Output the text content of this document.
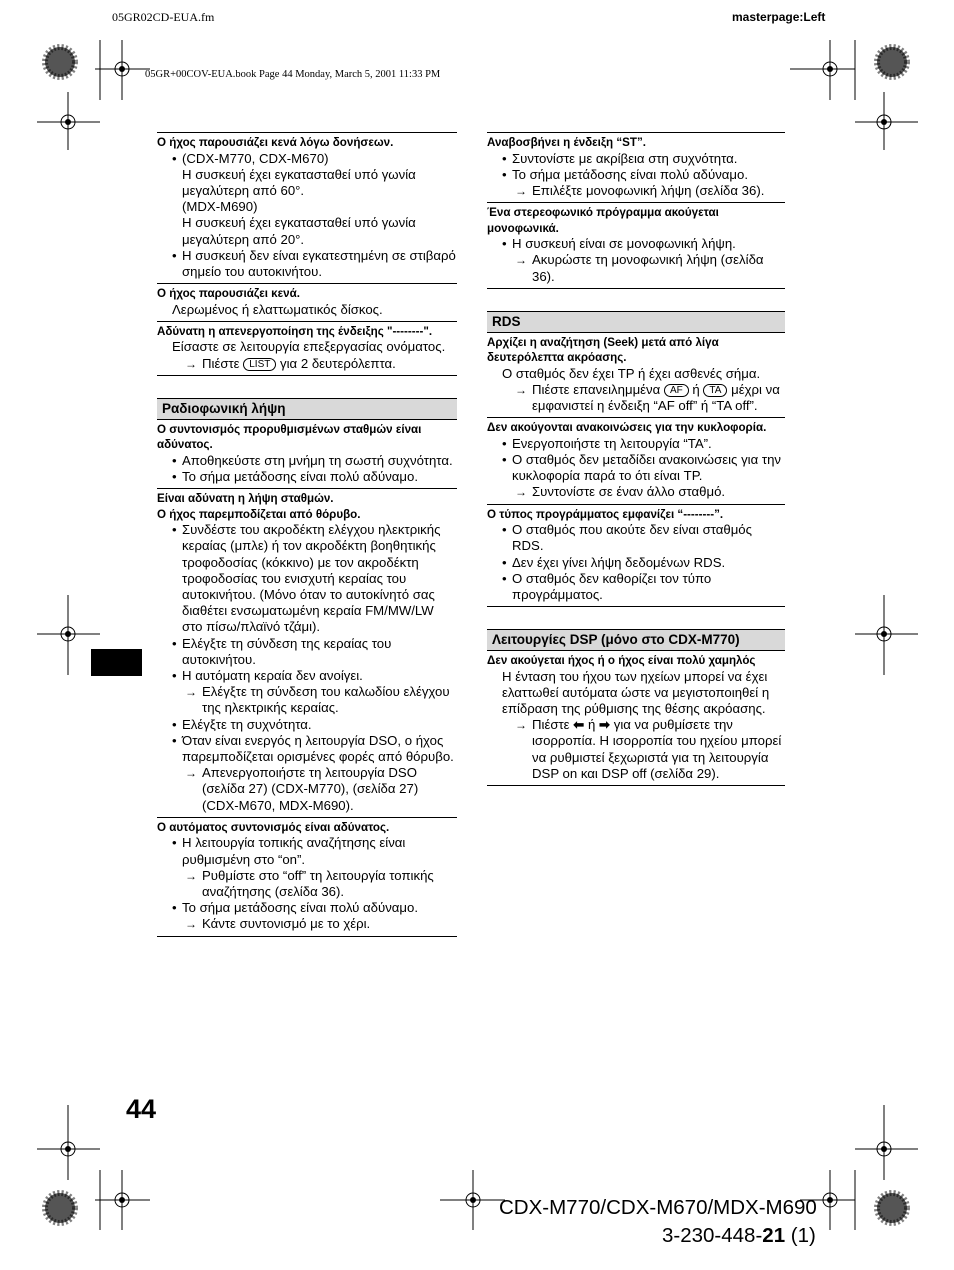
05GR02CD-EUA.fm	masterpage:Left
05GR+00COV-EUA.book Page 44 Monday, March 5, 2001 11:33 PM
Ο ήχος παρουσιάζει κενά λόγω δονήσεων.
• (CDX-M770, CDX-M670)
Η συσκευή έχει εγκατασταθεί υπό γωνία μεγαλύτερη από 60°.
(MDX-M690)
Η συσκευή έχει εγκατασταθεί υπό γωνία μεγαλύτερη από 20°.
• Η συσκευή δεν είναι εγκατεστημένη σε στιβαρό σημείο του αυτοκινήτου.
Ο ήχος παρουσιάζει κενά.
Λερωμένος ή ελαττωματικός δίσκος.
Αδύνατη η απενεργοποίηση της ένδειξης "--------".
Είσαστε σε λειτουργία επεξεργασίας ονόματος.
→ Πιέστε LIST για 2 δευτερόλεπτα.
Ραδιοφωνική λήψη
Ο συντονισμός προρυθμισμένων σταθμών είναι αδύνατος.
• Αποθηκεύστε στη μνήμη τη σωστή συχνότητα.
• Το σήμα μετάδοσης είναι πολύ αδύναμο.
Είναι αδύνατη η λήψη σταθμών.
Ο ήχος παρεμποδίζεται από θόρυβο.
• Συνδέστε του ακροδέκτη ελέγχου ηλεκτρικής κεραίας (μπλε) ή τον ακροδέκτη βοηθητικής τροφοδοσίας (κόκκινο) με τον ακροδέκτη τροφοδοσίας του ενισχυτή κεραίας του αυτοκινήτου. (Μόνο όταν το αυτοκίνητό σας διαθέτει ενσωματωμένη κεραία FM/MW/LW στο πίσω/πλαϊνό τζάμι).
• Ελέγξτε τη σύνδεση της κεραίας του αυτοκινήτου.
• Η αυτόματη κεραία δεν ανοίγει.
→ Ελέγξτε τη σύνδεση του καλωδίου ελέγχου της ηλεκτρικής κεραίας.
• Ελέγξτε τη συχνότητα.
• Όταν είναι ενεργός η λειτουργία DSO, ο ήχος παρεμποδίζεται ορισμένες φορές από θόρυβο.
→ Απενεργοποιήστε τη λειτουργία DSO (σελίδα 27) (CDX-M770), (σελίδα 27) (CDX-M670, MDX-M690).
Ο αυτόματος συντονισμός είναι αδύνατος.
• Η λειτουργία τοπικής αναζήτησης είναι ρυθμισμένη στο “on”.
→ Ρυθμίστε στο “off” τη λειτουργία τοπικής αναζήτησης (σελίδα 36).
• Το σήμα μετάδοσης είναι πολύ αδύναμο.
→ Κάντε συντονισμό με το χέρι.
Αναβοσβήνει η ένδειξη “ST”.
• Συντονίστε με ακρίβεια στη συχνότητα.
• Το σήμα μετάδοσης είναι πολύ αδύναμο.
→ Επιλέξτε μονοφωνική λήψη (σελίδα 36).
Ένα στερεοφωνικό πρόγραμμα ακούγεται μονοφωνικά.
• Η συσκευή είναι σε μονοφωνική λήψη.
→ Ακυρώστε τη μονοφωνική λήψη (σελίδα 36).
RDS
Αρχίζει η αναζήτηση (Seek) μετά από λίγα δευτερόλεπτα ακρόασης.
Ο σταθμός δεν έχει TP ή έχει ασθενές σήμα.
→ Πιέστε επανειλημμένα AF ή TA μέχρι να εμφανιστεί η ένδειξη “AF off” ή “TA off”.
Δεν ακούγονται ανακοινώσεις για την κυκλοφορία.
• Ενεργοποιήστε τη λειτουργία “TA”.
• Ο σταθμός δεν μεταδίδει ανακοινώσεις για την κυκλοφορία παρά το ότι είναι TP.
→ Συντονίστε σε έναν άλλο σταθμό.
Ο τύπος προγράμματος εμφανίζει “--------”.
• Ο σταθμός που ακούτε δεν είναι σταθμός RDS.
• Δεν έχει γίνει λήψη δεδομένων RDS.
• Ο σταθμός δεν καθορίζει τον τύπο προγράμματος.
Λειτουργίες DSP (μόνο στο CDX-M770)
Δεν ακούγεται ήχος ή ο ήχος είναι πολύ χαμηλός
Η ένταση του ήχου των ηχείων μπορεί να έχει ελαττωθεί αυτόματα ώστε να μεγιστοποιηθεί η επίδραση της ρύθμισης της θέσης ακρόασης.
→ Πιέστε ⬅ ή ➡ για να ρυθμίσετε την ισορροπία. Η ισορροπία του ηχείου μπορεί να ρυθμιστεί ξεχωριστά για τη λειτουργία DSP on και DSP off (σελίδα 29).
44
CDX-M770/CDX-M670/MDX-M690
3-230-448-21 (1)
